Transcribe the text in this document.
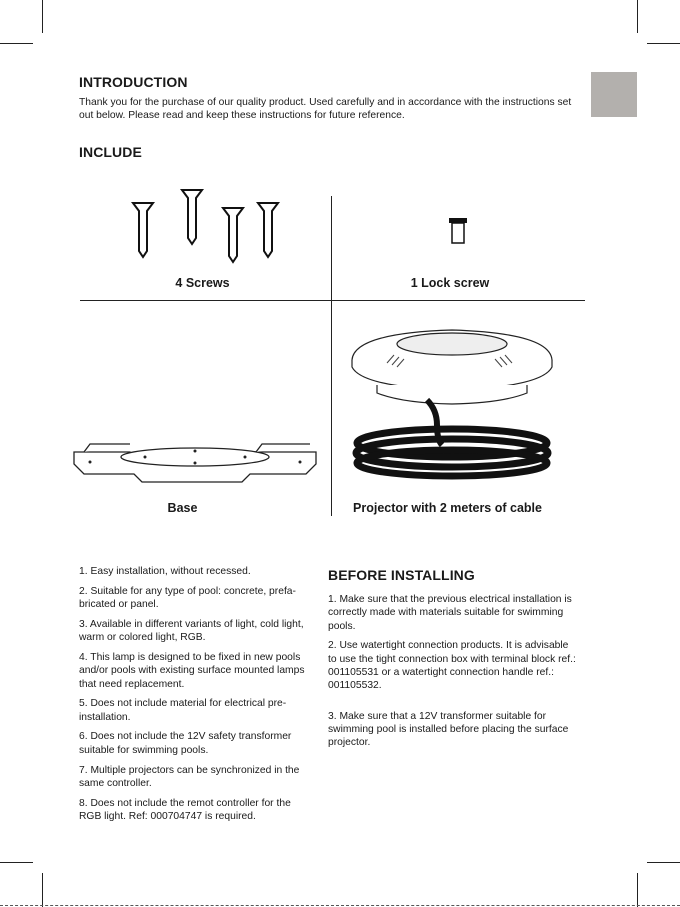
INTRODUCTION
Thank you for the purchase of our quality product. Used carefully and in accordance with the instructions set out below. Please read and keep these instructions for future reference.
INCLUDE
4 Screws	1 Lock screw
Base	Projector with 2 meters of cable

1. Easy installation, without recessed.

2. Suitable for any type of pool: concrete, prefa-bricated or panel.

3. Available in different variants of light, cold light, warm or colored light, RGB.

4. This lamp is designed to be fixed in new pools and/or pools with existing surface mounted lamps that need replacement.

5. Does not include material for electrical pre-installation.

6. Does not include the 12V safety transformer suitable for swimming pools.

7. Multiple projectors can be synchronized in the same controller.

8. Does not include the remot controller for the RGB light. Ref: 000704747 is required.

BEFORE INSTALLING

1. Make sure that the previous electrical installation is correctly made with materials suitable for swimming pools.

2. Use watertight connection products. It is advisable to use the tight connection box with terminal block ref.: 001105531 or a watertight connection handle ref.: 001105532.

3. Make sure that a 12V transformer suitable for swimming pool is installed before placing the surface projector.
